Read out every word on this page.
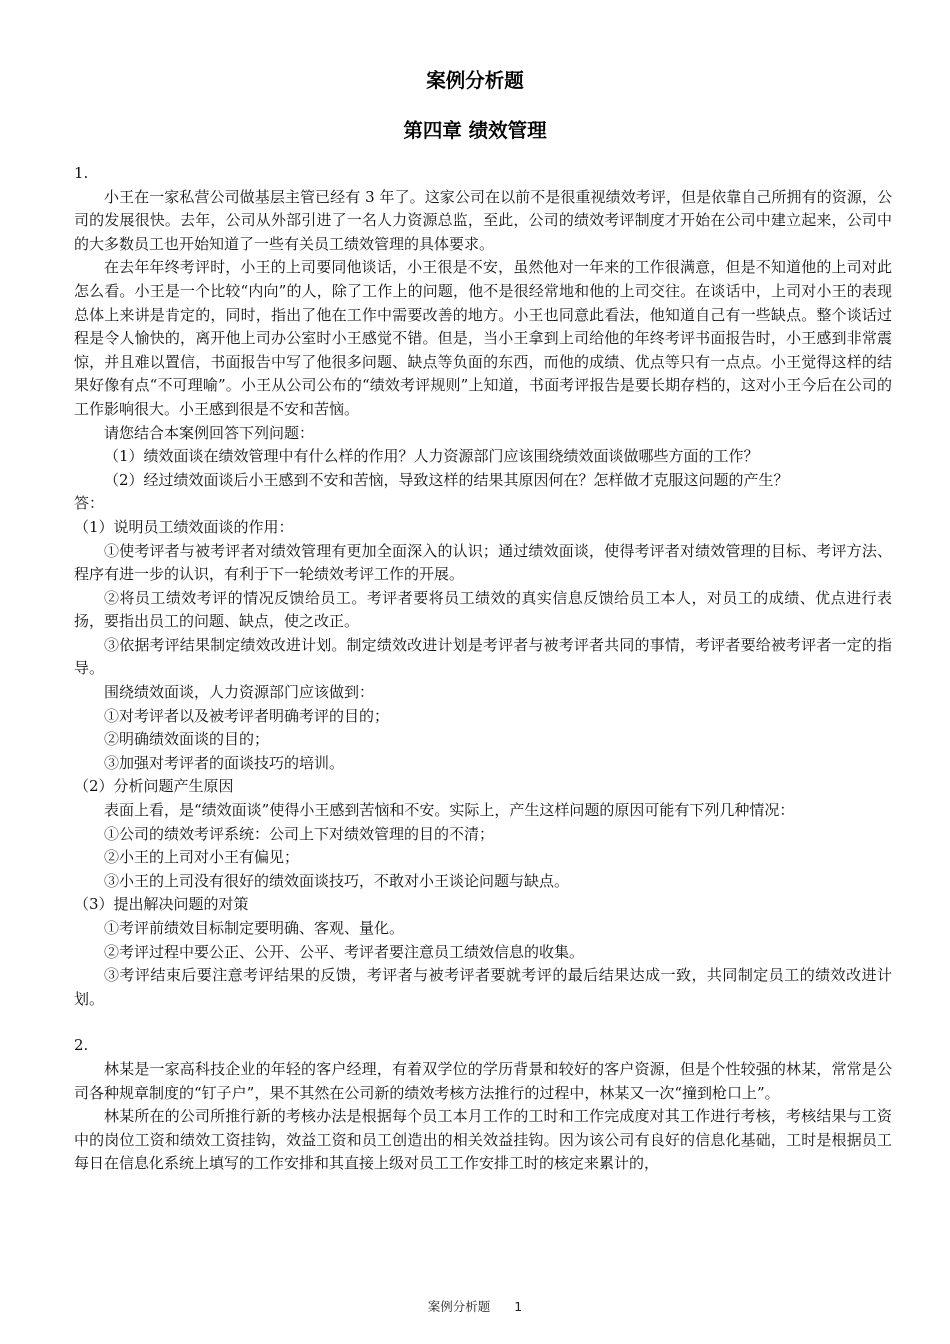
案例分析题
第四章 绩效管理

1.

小王在一家私营公司做基层主管已经有 3 年了。这家公司在以前不是很重视绩效考评，但是依靠自己所拥有的资源，公司的发展很快。去年，公司从外部引进了一名人力资源总监，至此，公司的绩效考评制度才开始在公司中建立起来，公司中的大多数员工也开始知道了一些有关员工绩效管理的具体要求。

在去年年终考评时，小王的上司要同他谈话，小王很是不安，虽然他对一年来的工作很满意，但是不知道他的上司对此怎么看。小王是一个比较“内向”的人，除了工作上的问题，他不是很经常地和他的上司交往。在谈话中，上司对小王的表现总体上来讲是肯定的，同时，指出了他在工作中需要改善的地方。小王也同意此看法，他知道自己有一些缺点。整个谈话过程是令人愉快的，离开他上司办公室时小王感觉不错。但是，当小王拿到上司给他的年终考评书面报告时，小王感到非常震惊，并且难以置信，书面报告中写了他很多问题、缺点等负面的东西，而他的成绩、优点等只有一点点。小王觉得这样的结果好像有点“不可理喻”。小王从公司公布的“绩效考评规则”上知道，书面考评报告是要长期存档的，这对小王今后在公司的工作影响很大。小王感到很是不安和苦恼。

请您结合本案例回答下列问题：

（1）绩效面谈在绩效管理中有什么样的作用？人力资源部门应该围绕绩效面谈做哪些方面的工作？

（2）经过绩效面谈后小王感到不安和苦恼，导致这样的结果其原因何在？怎样做才克服这问题的产生？

答：

（1）说明员工绩效面谈的作用：

①使考评者与被考评者对绩效管理有更加全面深入的认识；通过绩效面谈，使得考评者对绩效管理的目标、考评方法、程序有进一步的认识，有利于下一轮绩效考评工作的开展。

②将员工绩效考评的情况反馈给员工。考评者要将员工绩效的真实信息反馈给员工本人，对员工的成绩、优点进行表扬，要指出员工的问题、缺点，使之改正。

③依据考评结果制定绩效改进计划。制定绩效改进计划是考评者与被考评者共同的事情，考评者要给被考评者一定的指导。

围绕绩效面谈，人力资源部门应该做到：

①对考评者以及被考评者明确考评的目的；

②明确绩效面谈的目的；

③加强对考评者的面谈技巧的培训。

（2）分析问题产生原因

表面上看，是“绩效面谈”使得小王感到苦恼和不安。实际上，产生这样问题的原因可能有下列几种情况：

①公司的绩效考评系统：公司上下对绩效管理的目的不清；

②小王的上司对小王有偏见；

③小王的上司没有很好的绩效面谈技巧，不敢对小王谈论问题与缺点。

（3）提出解决问题的对策

①考评前绩效目标制定要明确、客观、量化。

②考评过程中要公正、公开、公平、考评者要注意员工绩效信息的收集。

③考评结束后要注意考评结果的反馈，考评者与被考评者要就考评的最后结果达成一致，共同制定员工的绩效改进计划。

2.

林某是一家高科技企业的年轻的客户经理，有着双学位的学历背景和较好的客户资源，但是个性较强的林某，常常是公司各种规章制度的“钉子户”，果不其然在公司新的绩效考核方法推行的过程中，林某又一次“撞到枪口上”。

林某所在的公司所推行新的考核办法是根据每个员工本月工作的工时和工作完成度对其工作进行考核，考核结果与工资中的岗位工资和绩效工资挂钩，效益工资和员工创造出的相关效益挂钩。因为该公司有良好的信息化基础，工时是根据员工每日在信息化系统上填写的工作安排和其直接上级对员工工作安排工时的核定来累计的，

案例分析题 1
